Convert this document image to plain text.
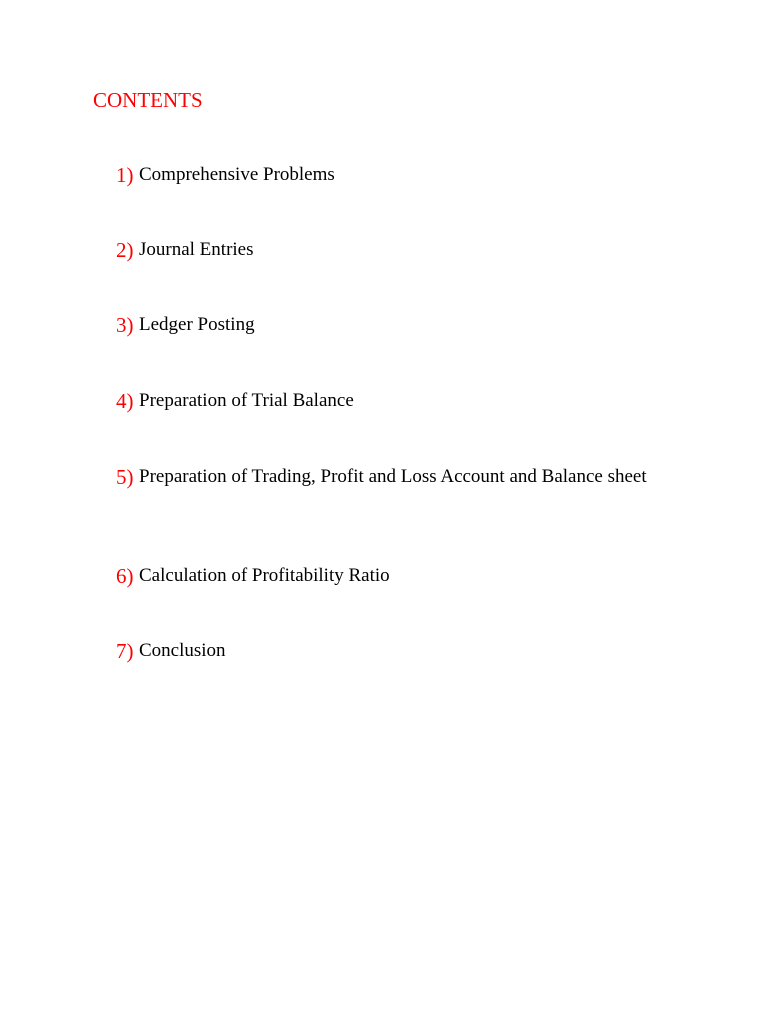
CONTENTS
1) Comprehensive Problems
2) Journal Entries
3) Ledger Posting
4) Preparation of Trial Balance
5) Preparation of Trading, Profit and Loss Account and Balance sheet
6) Calculation of Profitability Ratio
7) Conclusion
